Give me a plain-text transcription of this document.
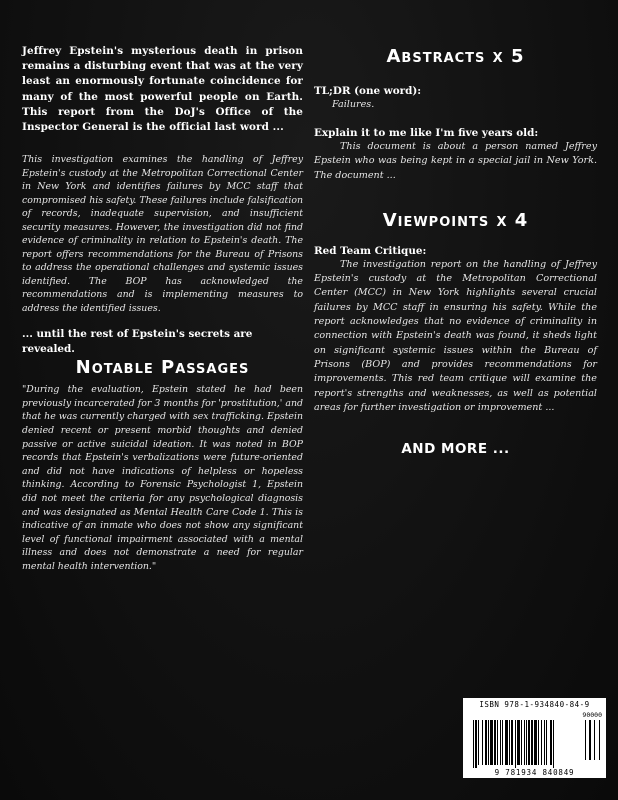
Jeffrey Epstein's mysterious death in prison remains a disturbing event that was at the very least an enormously fortunate coincidence for many of the most powerful people on Earth. This report from the DoJ's Office of the Inspector General is the official last word ...

This investigation examines the handling of Jeffrey Epstein's custody at the Metropolitan Correctional Center in New York and identifies failures by MCC staff that compromised his safety. These failures include falsification of records, inadequate supervision, and insufficient security measures. However, the investigation did not find evidence of criminality in relation to Epstein's death. The report offers recommendations for the Bureau of Prisons to address the operational challenges and systemic issues identified. The BOP has acknowledged the recommendations and is implementing measures to address the identified issues.

... until the rest of Epstein's secrets are revealed.

Notable Passages

"During the evaluation, Epstein stated he had been previously incarcerated for 3 months for 'prostitution,' and that he was currently charged with sex trafficking. Epstein denied recent or present morbid thoughts and denied passive or active suicidal ideation. It was noted in BOP records that Epstein's verbalizations were future-oriented and did not have indications of helpless or hopeless thinking. According to Forensic Psychologist 1, Epstein did not meet the criteria for any psychological diagnosis and was designated as Mental Health Care Code 1. This is indicative of an inmate who does not show any significant level of functional impairment associated with a mental illness and does not demonstrate a need for regular mental health intervention."

Abstracts x 5

TL;DR (one word):

Failures.

Explain it to me like I'm five years old:

This document is about a person named Jeffrey Epstein who was being kept in a special jail in New York. The document ...

Viewpoints x 4

Red Team Critique:

The investigation report on the handling of Jeffrey Epstein's custody at the Metropolitan Correctional Center (MCC) in New York highlights several crucial failures by MCC staff in ensuring his safety. While the report acknowledges that no evidence of criminality in connection with Epstein's death was found, it sheds light on significant systemic issues within the Bureau of Prisons (BOP) and provides recommendations for improvements. This red team critique will examine the report's strengths and weaknesses, as well as potential areas for further investigation or improvement ...

AND MORE ...

ISBN 978-1-934840-84-9
90000
9 781934 840849
